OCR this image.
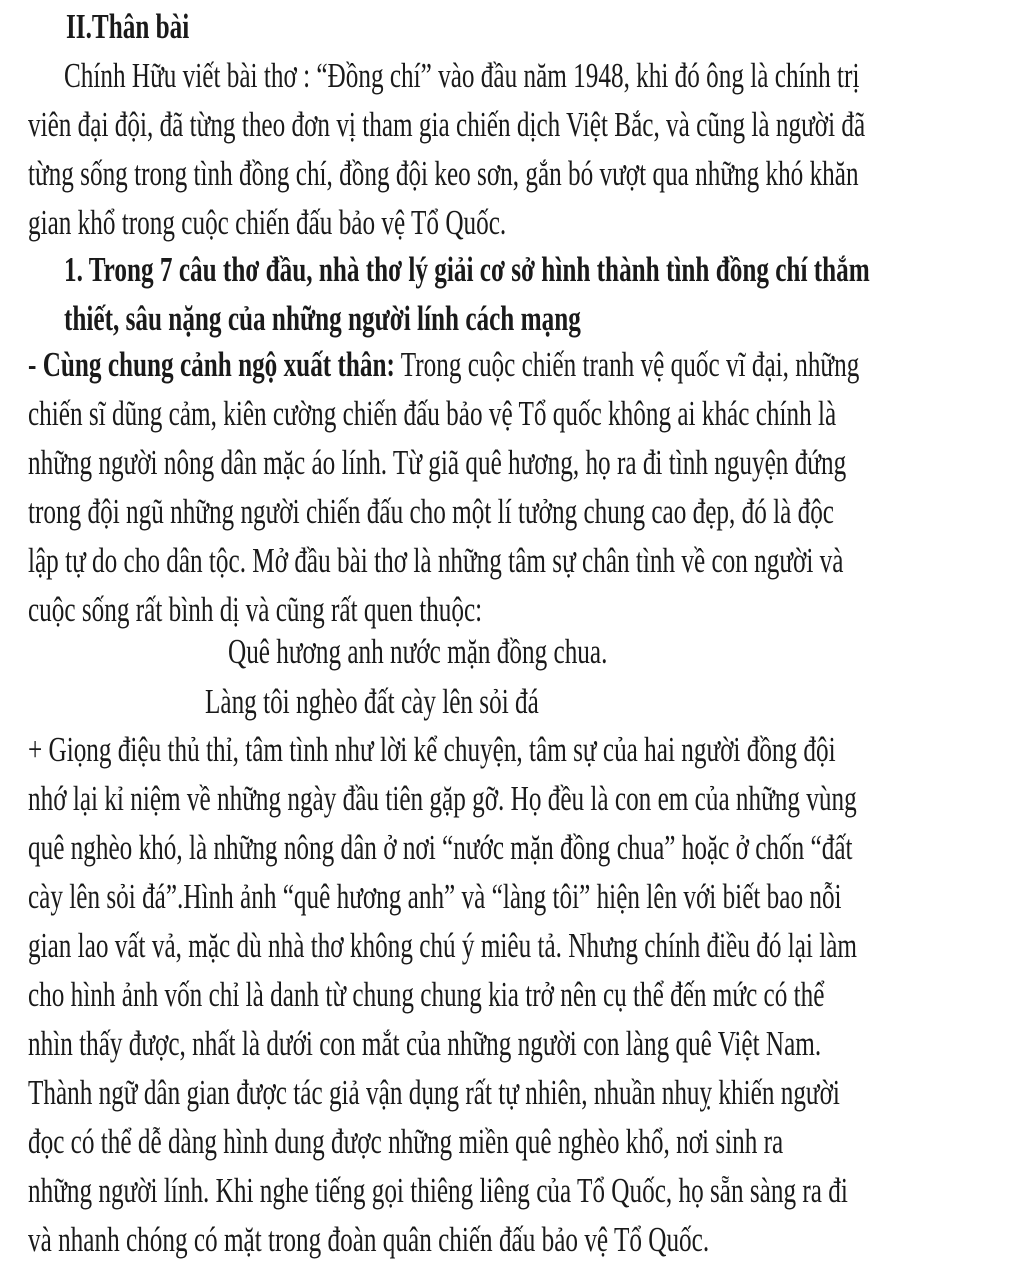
II.Thân bài
Chính Hữu viết bài thơ : “Đồng chí” vào đầu năm 1948, khi đó ông là chính trị
viên đại đội, đã từng theo đơn vị tham gia chiến dịch Việt Bắc, và cũng là người đã
từng sống trong tình đồng chí, đồng đội keo sơn, gắn bó vượt qua những khó khăn
gian khổ trong cuộc chiến đấu bảo vệ Tổ Quốc.
1. Trong 7 câu thơ đầu, nhà thơ lý giải cơ sở hình thành tình đồng chí thắm
thiết, sâu nặng của những người lính cách mạng
- Cùng chung cảnh ngộ xuất thân: Trong cuộc chiến tranh vệ quốc vĩ đại, những
chiến sĩ dũng cảm, kiên cường chiến đấu bảo vệ Tổ quốc không ai khác chính là
những người nông dân mặc áo lính. Từ giã quê hương, họ ra đi tình nguyện đứng
trong đội ngũ những người chiến đấu cho một lí tưởng chung cao đẹp, đó là độc
lập tự do cho dân tộc. Mở đầu bài thơ là những tâm sự chân tình về con người và
cuộc sống rất bình dị và cũng rất quen thuộc:
Quê hương anh nước mặn đồng chua.
Làng tôi nghèo đất cày lên sỏi đá
+ Giọng điệu thủ thỉ, tâm tình như lời kể chuyện, tâm sự của hai người đồng đội
nhớ lại kỉ niệm về những ngày đầu tiên gặp gỡ. Họ đều là con em của những vùng
quê nghèo khó, là những nông dân ở nơi “nước mặn đồng chua” hoặc ở chốn “đất
cày lên sỏi đá”.Hình ảnh “quê hương anh” và “làng tôi” hiện lên với biết bao nỗi
gian lao vất vả, mặc dù nhà thơ không chú ý miêu tả. Nhưng chính điều đó lại làm
cho hình ảnh vốn chỉ là danh từ chung chung kia trở nên cụ thể đến mức có thể
nhìn thấy được, nhất là dưới con mắt của những người con làng quê Việt Nam.
Thành ngữ dân gian được tác giả vận dụng rất tự nhiên, nhuần nhuỵ khiến người
đọc có thể dễ dàng hình dung được những miền quê nghèo khổ, nơi sinh ra
những người lính. Khi nghe tiếng gọi thiêng liêng của Tổ Quốc, họ sẵn sàng ra đi
và nhanh chóng có mặt trong đoàn quân chiến đấu bảo vệ Tổ Quốc.
